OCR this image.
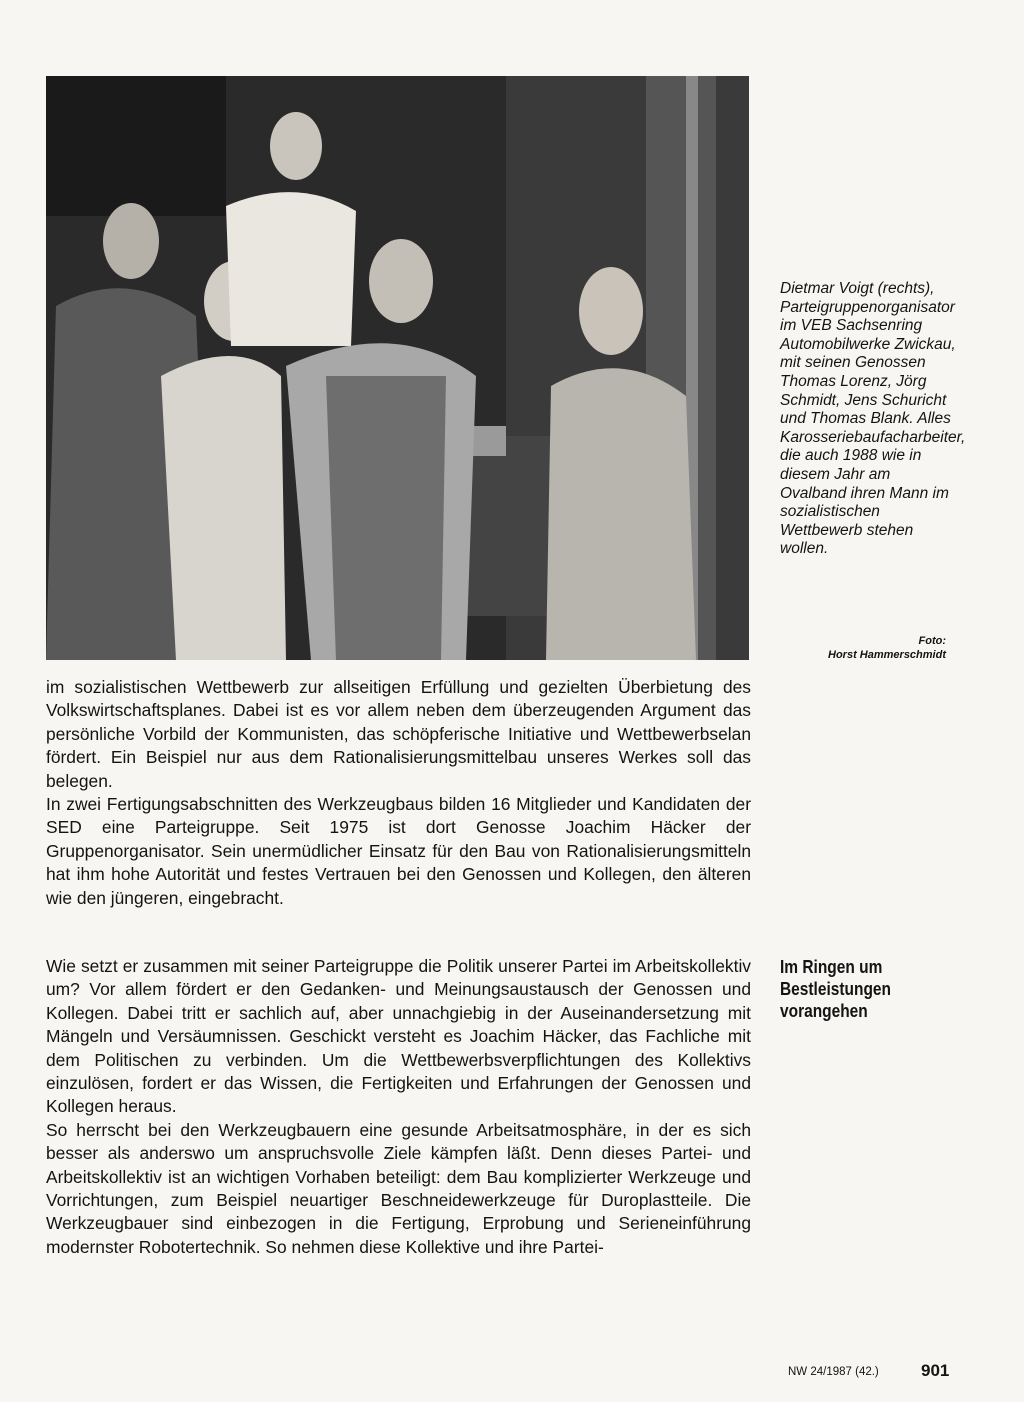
Dietmar Voigt (rechts), Parteigruppenorganisator im VEB Sachsenring Automobilwerke Zwickau, mit seinen Genossen Thomas Lorenz, Jörg Schmidt, Jens Schuricht und Thomas Blank. Alles Karosseriebaufacharbeiter, die auch 1988 wie in diesem Jahr am Ovalband ihren Mann im sozialistischen Wettbewerb stehen wollen.

Foto:
Horst Hammerschmidt

im sozialistischen Wettbewerb zur allseitigen Erfüllung und gezielten Überbietung des Volkswirtschaftsplanes. Dabei ist es vor allem neben dem überzeugenden Argument das persönliche Vorbild der Kommunisten, das schöpferische Initiative und Wettbewerbselan fördert. Ein Beispiel nur aus dem Rationalisierungsmittelbau unseres Werkes soll das belegen.

In zwei Fertigungsabschnitten des Werkzeugbaus bilden 16 Mitglieder und Kandidaten der SED eine Parteigruppe. Seit 1975 ist dort Genosse Joachim Häcker der Gruppenorganisator. Sein unermüdlicher Einsatz für den Bau von Rationalisierungsmitteln hat ihm hohe Autorität und festes Vertrauen bei den Genossen und Kollegen, den älteren wie den jüngeren, eingebracht.

Wie setzt er zusammen mit seiner Parteigruppe die Politik unserer Partei im Arbeitskollektiv um? Vor allem fördert er den Gedanken- und Meinungsaustausch der Genossen und Kollegen. Dabei tritt er sachlich auf, aber unnachgiebig in der Auseinandersetzung mit Mängeln und Versäumnissen. Geschickt versteht es Joachim Häcker, das Fachliche mit dem Politischen zu verbinden. Um die Wettbewerbsverpflichtungen des Kollektivs einzulösen, fordert er das Wissen, die Fertigkeiten und Erfahrungen der Genossen und Kollegen heraus.

So herrscht bei den Werkzeugbauern eine gesunde Arbeitsatmosphäre, in der es sich besser als anderswo um anspruchsvolle Ziele kämpfen läßt. Denn dieses Partei- und Arbeitskollektiv ist an wichtigen Vorhaben beteiligt: dem Bau komplizierter Werkzeuge und Vorrichtungen, zum Beispiel neuartiger Beschneidewerkzeuge für Duroplastteile. Die Werkzeugbauer sind einbezogen in die Fertigung, Erprobung und Serieneinführung modernster Robotertechnik. So nehmen diese Kollektive und ihre Partei-

Im Ringen um
Bestleistungen
vorangehen
NW 24/1987 (42.) 901
